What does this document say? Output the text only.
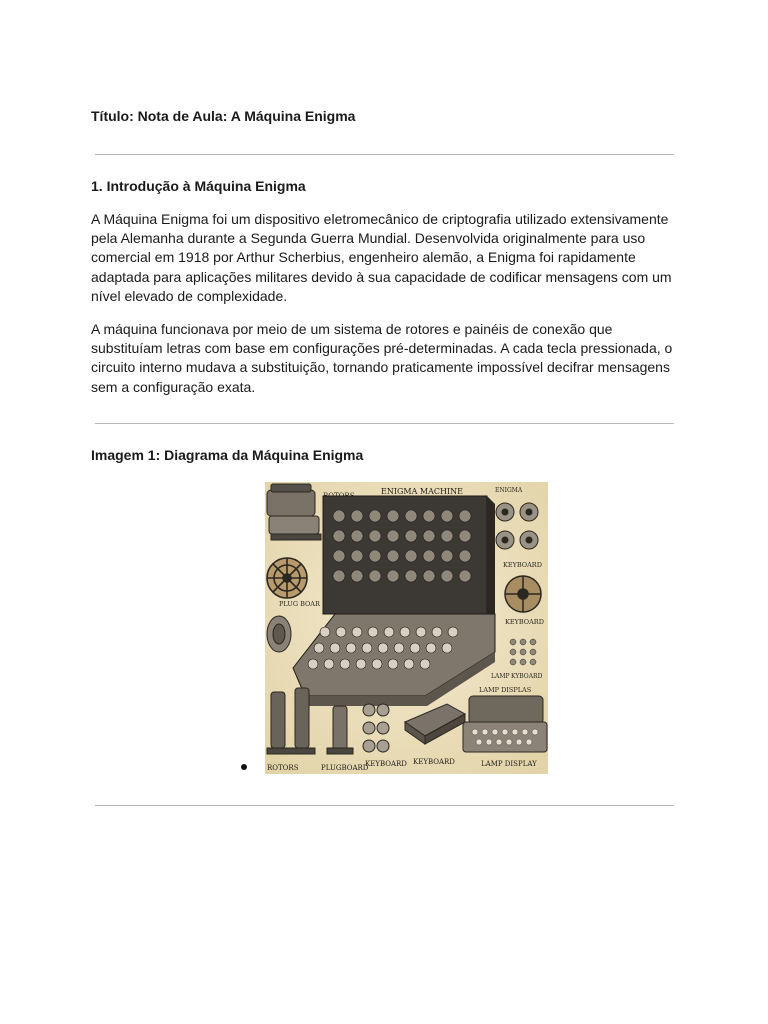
Título: Nota de Aula: A Máquina Enigma
1. Introdução à Máquina Enigma

A Máquina Enigma foi um dispositivo eletromecânico de criptografia utilizado extensivamente pela Alemanha durante a Segunda Guerra Mundial. Desenvolvida originalmente para uso comercial em 1918 por Arthur Scherbius, engenheiro alemão, a Enigma foi rapidamente adaptada para aplicações militares devido à sua capacidade de codificar mensagens com um nível elevado de complexidade.

A máquina funcionava por meio de um sistema de rotores e painéis de conexão que substituíam letras com base em configurações pré-determinadas. A cada tecla pressionada, o circuito interno mudava a substituição, tornando praticamente impossível decifrar mensagens sem a configuração exata.

Imagem 1: Diagrama da Máquina Enigma
PLUG BOAR
ENIGMA MACHINE	ENIGMA
KEYBOARD
KEYBOARD
LAMP KYBOARD
LAMP DISPLAS
ROTORS	PLUGBOARD
KEYBOARD KEYBOARD	LAMP DISPLAY
